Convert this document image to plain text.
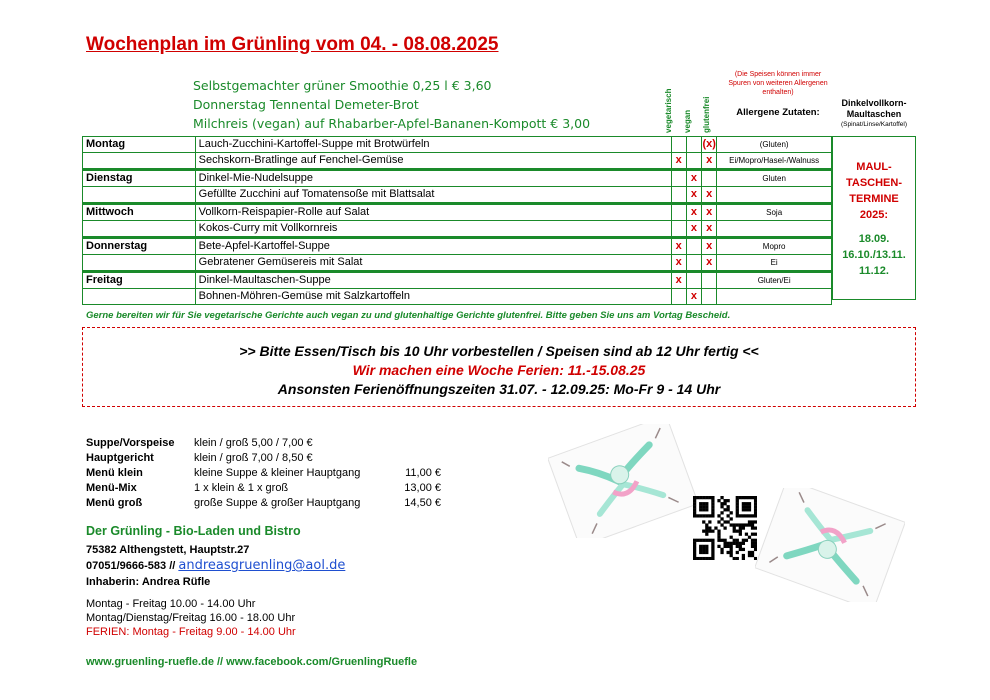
Wochenplan im Grünling vom 04. - 08.08.2025
Selbstgemachter grüner Smoothie 0,25 l € 3,60
Donnerstag Tennental Demeter-Brot
Milchreis (vegan) auf Rhabarber-Apfel-Bananen-Kompott € 3,00	vegetarisch vegan glutenfrei
(Die Speisen können immer Spuren von weiteren Allergenen enthalten)
Allergene Zutaten:
Dinkelvollkorn-Maultaschen
(Spinat/Linse/Kartoffel)
Montag	Lauch-Zucchini-Kartoffel-Suppe mit Brotwürfeln			(x)	(Gluten)
	Sechskorn-Bratlinge auf Fenchel-Gemüse	x		x	Ei/Mopro/Hasel-/Walnuss
Dienstag	Dinkel-Mie-Nudelsuppe		x		Gluten
	Gefüllte Zucchini auf Tomatensoße mit Blattsalat		x	x	
Mittwoch	Vollkorn-Reispapier-Rolle auf Salat		x	x	Soja
	Kokos-Curry mit Vollkornreis		x	x	
Donnerstag	Bete-Apfel-Kartoffel-Suppe	x		x	Mopro
	Gebratener Gemüsereis mit Salat	x		x	Ei
Freitag	Dinkel-Maultaschen-Suppe	x			Gluten/Ei
	Bohnen-Möhren-Gemüse mit Salzkartoffeln		x		
MAUL-
TASCHEN-
TERMINE
2025:
18.09.
16.10./13.11.
11.12.
Gerne bereiten wir für Sie vegetarische Gerichte auch vegan zu und glutenhaltige Gerichte glutenfrei. Bitte geben Sie uns am Vortag Bescheid.
>> Bitte Essen/Tisch bis 10 Uhr vorbestellen / Speisen sind ab 12 Uhr fertig <<
Wir machen eine Woche Ferien: 11.-15.08.25
Ansonsten Ferienöffnungszeiten 31.07. - 12.09.25: Mo-Fr 9 - 14 Uhr
Suppe/Vorspeise	klein / groß 5,00 / 7,00 €	
Hauptgericht	klein / groß 7,00 / 8,50 €	
Menü klein	kleine Suppe & kleiner Hauptgang	11,00 €
Menü-Mix	1 x klein & 1 x groß	13,00 €
Menü groß	große Suppe & großer Hauptgang	14,50 €
Der Grünling - Bio-Laden und Bistro
75382 Althengstett, Hauptstr.27
07051/9666-583 // andreasgruenling@aol.de
Inhaberin: Andrea Rüfle
Montag - Freitag 10.00 - 14.00 Uhr
Montag/Dienstag/Freitag 16.00 - 18.00 Uhr
FERIEN: Montag - Freitag 9.00 - 14.00 Uhr
www.gruenling-ruefle.de // www.facebook.com/GruenlingRuefle
